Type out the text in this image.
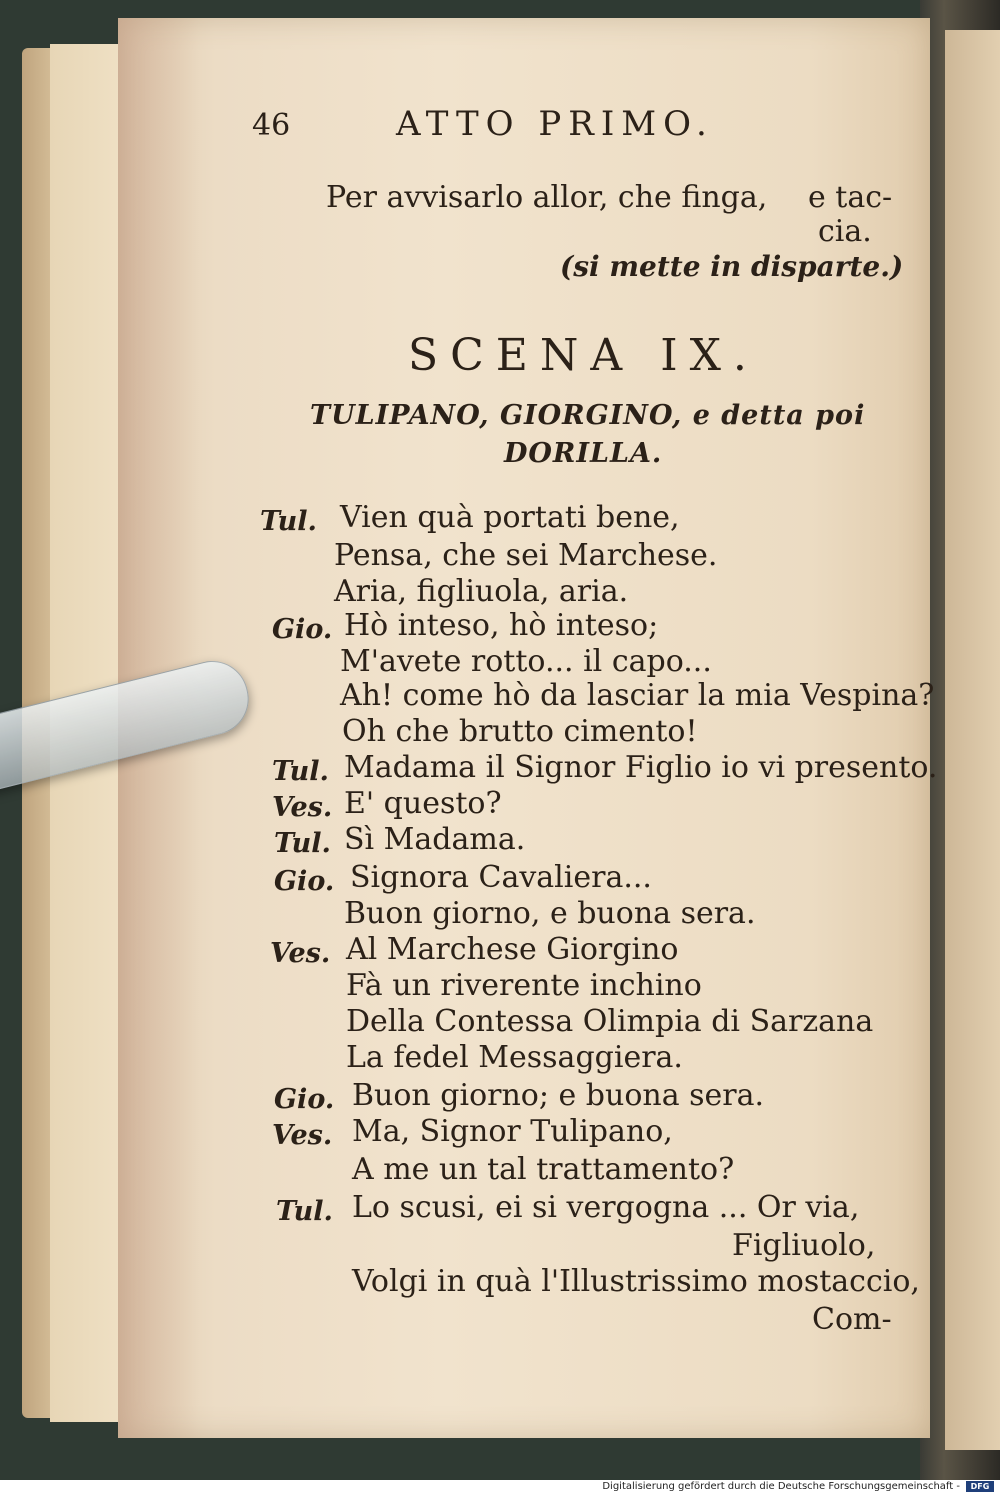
46	ATTO PRIMO.
Per avvisarlo allor, che finga, e tac-
cia.
(si mette in disparte.)
SCENA IX.
TULIPANO, GIORGINO, e detta poi
DORILLA.
Tul. Vien quà portati bene,
Pensa, che sei Marchese.
Aria, figliuola, aria.
Gio. Hò inteso, hò inteso;
M'avete rotto... il capo...
Ah! come hò da lasciar la mia Vespina?
Oh che brutto cimento!
Tul. Madama il Signor Figlio io vi presento.
Ves. E' questo?
Tul. Sì Madama.
Gio. Signora Cavaliera...
Buon giorno, e buona sera.
Ves. Al Marchese Giorgino
Fà un riverente inchino
Della Contessa Olimpia di Sarzana
La fedel Messaggiera.
Gio. Buon giorno; e buona sera.
Ves. Ma, Signor Tulipano,
A me un tal trattamento?
Tul. Lo scusi, ei si vergogna ... Or via,
Figliuolo,
Volgi in quà l'Illustrissimo mostaccio,
Com-
Digitalisierung gefördert durch die Deutsche Forschungsgemeinschaft -	DFG
